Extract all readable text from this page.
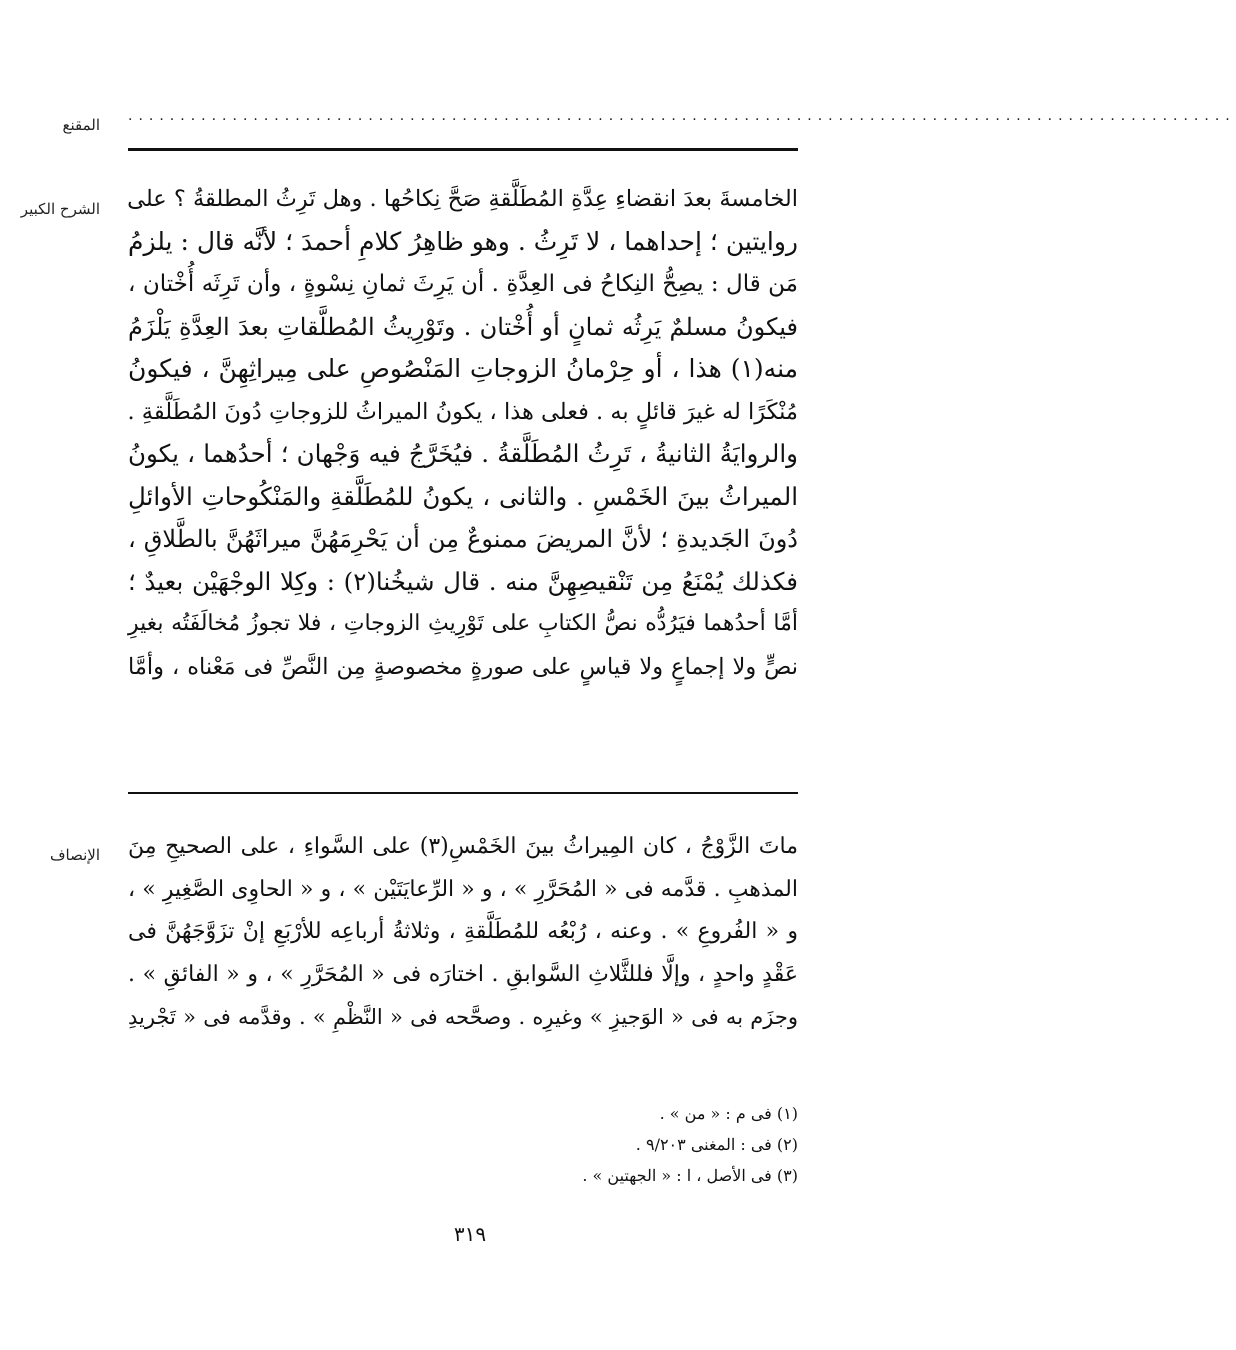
المقنع ··········································································································
الشرح الكبير الخامسةَ بعدَ انقضاءِ عِدَّةِ المُطَلَّقةِ صَحَّ نِكاحُها . وهل تَرِثُ المطلقةُ ؟ على
روايتين ؛ إحداهما ، لا تَرِثُ . وهو ظاهِرُ كلامِ أحمدَ ؛ لأنَّه قال : يلزمُ
مَن قال : يصِحُّ النِكاحُ فى العِدَّةِ . أن يَرِثَ ثمانِ نِسْوةٍ ، وأن تَرِثَه أُخْتان ،
فيكونُ مسلمٌ يَرِثُه ثمانٍ أو أُخْتان . وتَوْرِيثُ المُطلَّقاتِ بعدَ العِدَّةِ يَلْزَمُ
منه(١) هذا ، أو حِرْمانُ الزوجاتِ المَنْصُوصِ على مِيراثِهِنَّ ، فيكونُ
مُنْكَرًا له غيرَ قائلٍ به . فعلى هذا ، يكونُ الميراثُ للزوجاتِ دُونَ المُطَلَّقةِ .
والروايَةُ الثانيةُ ، تَرِثُ المُطَلَّقةُ . فيُخَرَّجُ فيه وَجْهان ؛ أحدُهما ، يكونُ
الميراثُ بينَ الخَمْسِ . والثانى ، يكونُ للمُطَلَّقةِ والمَنْكُوحاتِ الأوائلِ
دُونَ الجَديدةِ ؛ لأنَّ المريضَ ممنوعٌ مِن أن يَحْرِمَهُنَّ ميراثَهُنَّ بالطَّلاقِ ،
فكذلك يُمْنَعُ مِن تَنْقيصِهِنَّ منه . قال شيخُنا(٢) : وكِلا الوجْهَيْن بعيدٌ ؛
أمَّا أحدُهما فيَرُدُّه نصُّ الكتابِ على تَوْرِيثِ الزوجاتِ ، فلا تجوزُ مُخالَفَتُه بغيرِ
نصٍّ ولا إجماعٍ ولا قياسٍ على صورةٍ مخصوصةٍ مِن النَّصِّ فى مَعْناه ، وأمَّا
الإنصاف ماتَ الزَّوْجُ ، كان المِيراثُ بينَ الخَمْسِ(٣) على السَّواءِ ، على الصحيحِ مِنَ
المذهبِ . قدَّمه فى « المُحَرَّرِ » ، و « الرِّعايَتَيْن » ، و « الحاوِى الصَّغِيرِ » ،
و « الفُروعِ » . وعنه ، رُبْعُه للمُطَلَّقةِ ، وثلاثةُ أرباعِه للأرْبَعِ إنْ تزَوَّجَهُنَّ فى
عَقْدٍ واحدٍ ، وإلَّا فللثَّلاثِ السَّوابقِ . اختارَه فى « المُحَرَّرِ » ، و « الفائقِ » .
وجزَم به فى « الوَجيزِ » وغيرِه . وصحَّحه فى « النَّظْمِ » . وقدَّمه فى « تَجْريدِ
(١) فى م : « من » .
(٢) فى : المغنى ٩/٢٠٣ .
(٣) فى الأصل ، ا : « الجهتين » .
٣١٩
